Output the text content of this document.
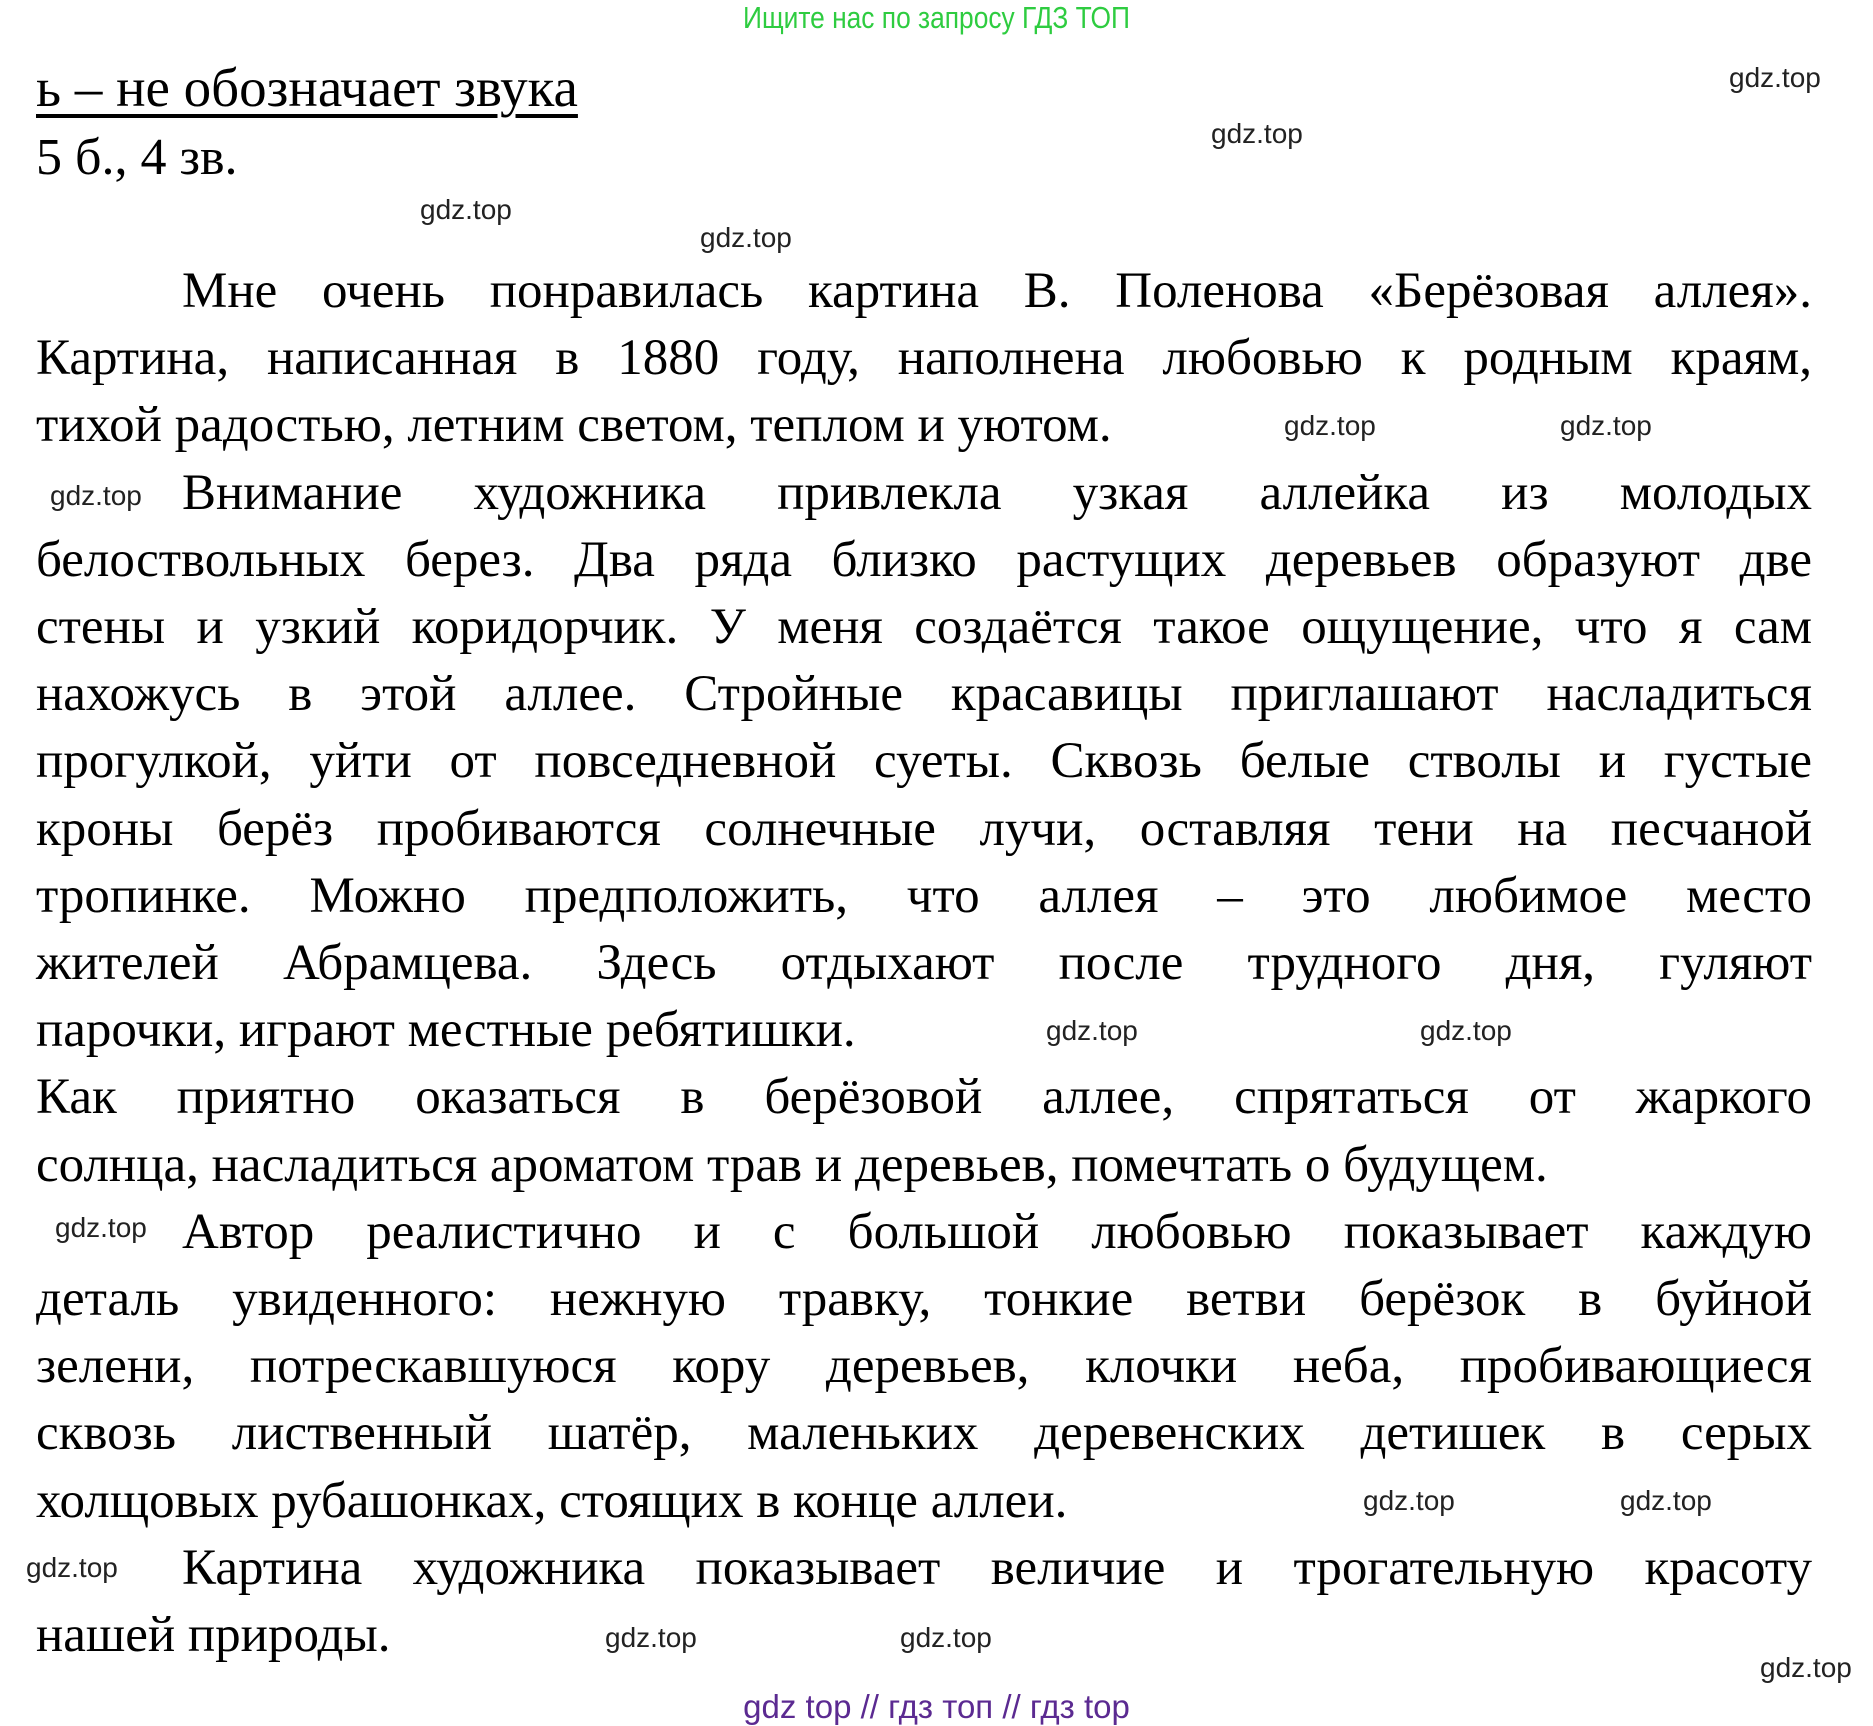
Ищите нас по запросу ГДЗ ТОП
ь – не обозначает звука
5 б., 4 зв.
Мне очень понравилась картина В. Поленова «Берёзовая аллея».
Картина, написанная в 1880 году, наполнена любовью к родным краям,
тихой радостью, летним светом, теплом и уютом.
Внимание художника привлекла узкая аллейка из молодых
белоствольных берез. Два ряда близко растущих деревьев образуют две
стены и узкий коридорчик. У меня создаётся такое ощущение, что я сам
нахожусь в этой аллее. Стройные красавицы приглашают насладиться
прогулкой, уйти от повседневной суеты. Сквозь белые стволы и густые
кроны берёз пробиваются солнечные лучи, оставляя тени на песчаной
тропинке. Можно предположить, что аллея – это любимое место
жителей Абрамцева. Здесь отдыхают после трудного дня, гуляют
парочки, играют местные ребятишки.
Как приятно оказаться в берёзовой аллее, спрятаться от жаркого
солнца, насладиться ароматом трав и деревьев, помечтать о будущем.
Автор реалистично и с большой любовью показывает каждую
деталь увиденного: нежную травку, тонкие ветви берёзок в буйной
зелени, потрескавшуюся кору деревьев, клочки неба, пробивающиеся
сквозь лиственный шатёр, маленьких деревенских детишек в серых
холщовых рубашонках, стоящих в конце аллеи.
Картина художника показывает величие и трогательную красоту
нашей природы.
gdz.top
gdz.top
gdz.top
gdz.top
gdz.top
gdz.top
gdz.top
gdz.top
gdz.top
gdz.top
gdz.top
gdz.top
gdz.top
gdz.top
gdz.top
gdz.top
gdz top // гдз топ // гдз top
